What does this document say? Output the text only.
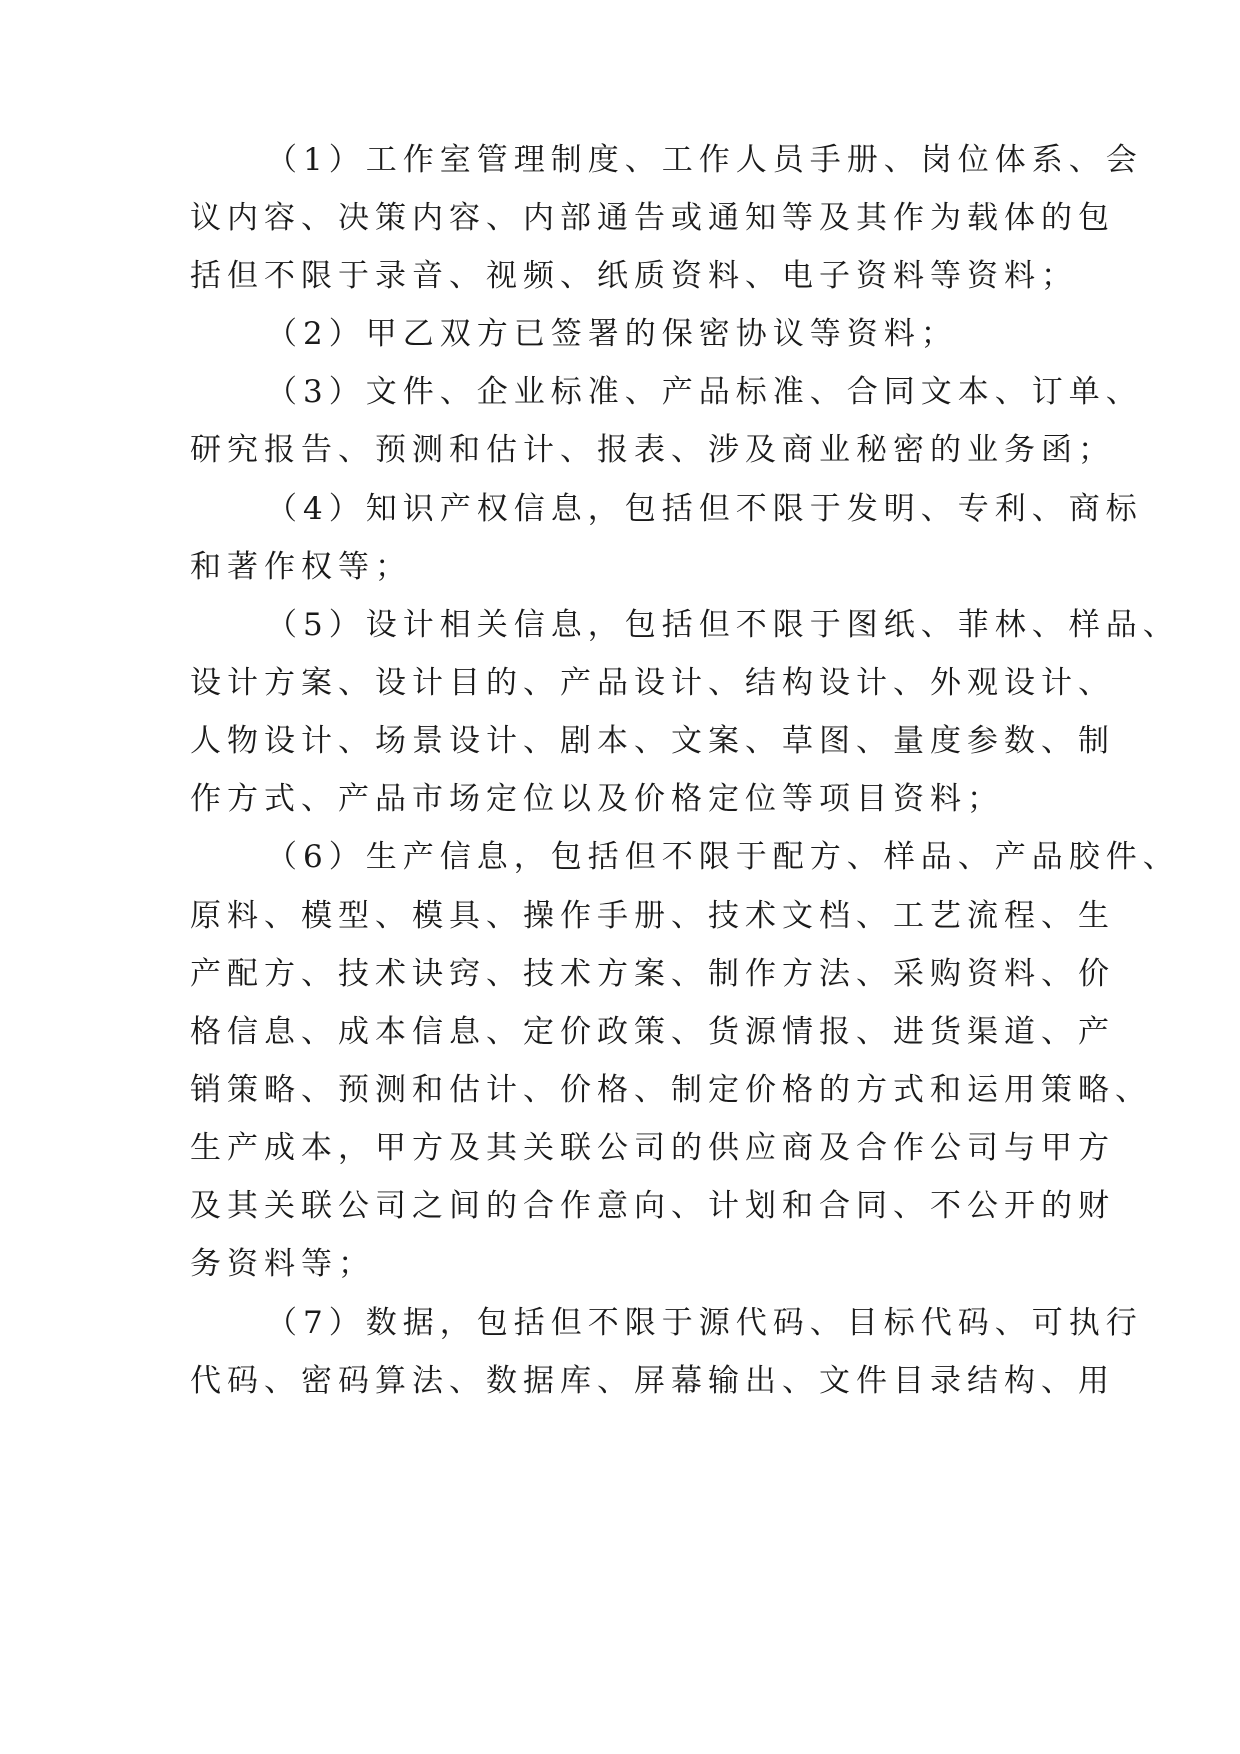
（1）工作室管理制度、工作人员手册、岗位体系、会
议内容、决策内容、内部通告或通知等及其作为载体的包
括但不限于录音、视频、纸质资料、电子资料等资料；
（2）甲乙双方已签署的保密协议等资料；
（3）文件、企业标准、产品标准、合同文本、订单、
研究报告、预测和估计、报表、涉及商业秘密的业务函；
（4）知识产权信息，包括但不限于发明、专利、商标
和著作权等；
（5）设计相关信息，包括但不限于图纸、菲林、样品、
设计方案、设计目的、产品设计、结构设计、外观设计、
人物设计、场景设计、剧本、文案、草图、量度参数、制
作方式、产品市场定位以及价格定位等项目资料；
（6）生产信息，包括但不限于配方、样品、产品胶件、
原料、模型、模具、操作手册、技术文档、工艺流程、生
产配方、技术诀窍、技术方案、制作方法、采购资料、价
格信息、成本信息、定价政策、货源情报、进货渠道、产
销策略、预测和估计、价格、制定价格的方式和运用策略、
生产成本，甲方及其关联公司的供应商及合作公司与甲方
及其关联公司之间的合作意向、计划和合同、不公开的财
务资料等；
（7）数据，包括但不限于源代码、目标代码、可执行
代码、密码算法、数据库、屏幕输出、文件目录结构、用
